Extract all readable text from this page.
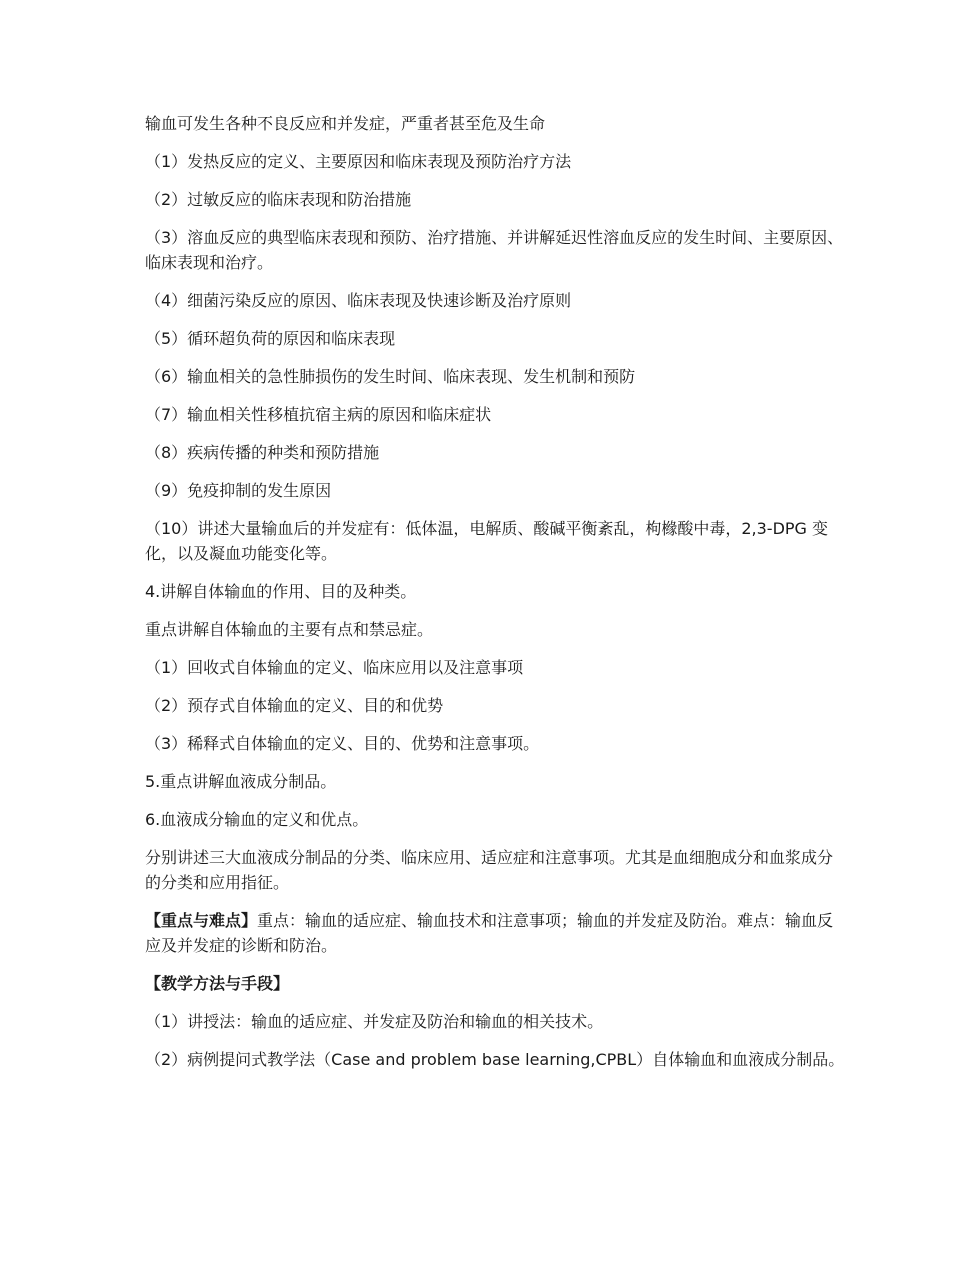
输血可发生各种不良反应和并发症，严重者甚至危及生命

（1）发热反应的定义、主要原因和临床表现及预防治疗方法

（2）过敏反应的临床表现和防治措施

（3）溶血反应的典型临床表现和预防、治疗措施、并讲解延迟性溶血反应的发生时间、主要原因、临床表现和治疗。

（4）细菌污染反应的原因、临床表现及快速诊断及治疗原则

（5）循环超负荷的原因和临床表现

（6）输血相关的急性肺损伤的发生时间、临床表现、发生机制和预防

（7）输血相关性移植抗宿主病的原因和临床症状

（8）疾病传播的种类和预防措施

（9）免疫抑制的发生原因

（10）讲述大量输血后的并发症有：低体温，电解质、酸碱平衡紊乱，枸橼酸中毒，2,3-DPG 变化，以及凝血功能变化等。

4.讲解自体输血的作用、目的及种类。

重点讲解自体输血的主要有点和禁忌症。

（1）回收式自体输血的定义、临床应用以及注意事项

（2）预存式自体输血的定义、目的和优势

（3）稀释式自体输血的定义、目的、优势和注意事项。

5.重点讲解血液成分制品。

6.血液成分输血的定义和优点。

分别讲述三大血液成分制品的分类、临床应用、适应症和注意事项。尤其是血细胞成分和血浆成分的分类和应用指征。

【重点与难点】重点：输血的适应症、输血技术和注意事项；输血的并发症及防治。难点：输血反应及并发症的诊断和防治。

【教学方法与手段】

（1）讲授法：输血的适应症、并发症及防治和输血的相关技术。

（2）病例提问式教学法（Case and problem base learning,CPBL）自体输血和血液成分制品。
